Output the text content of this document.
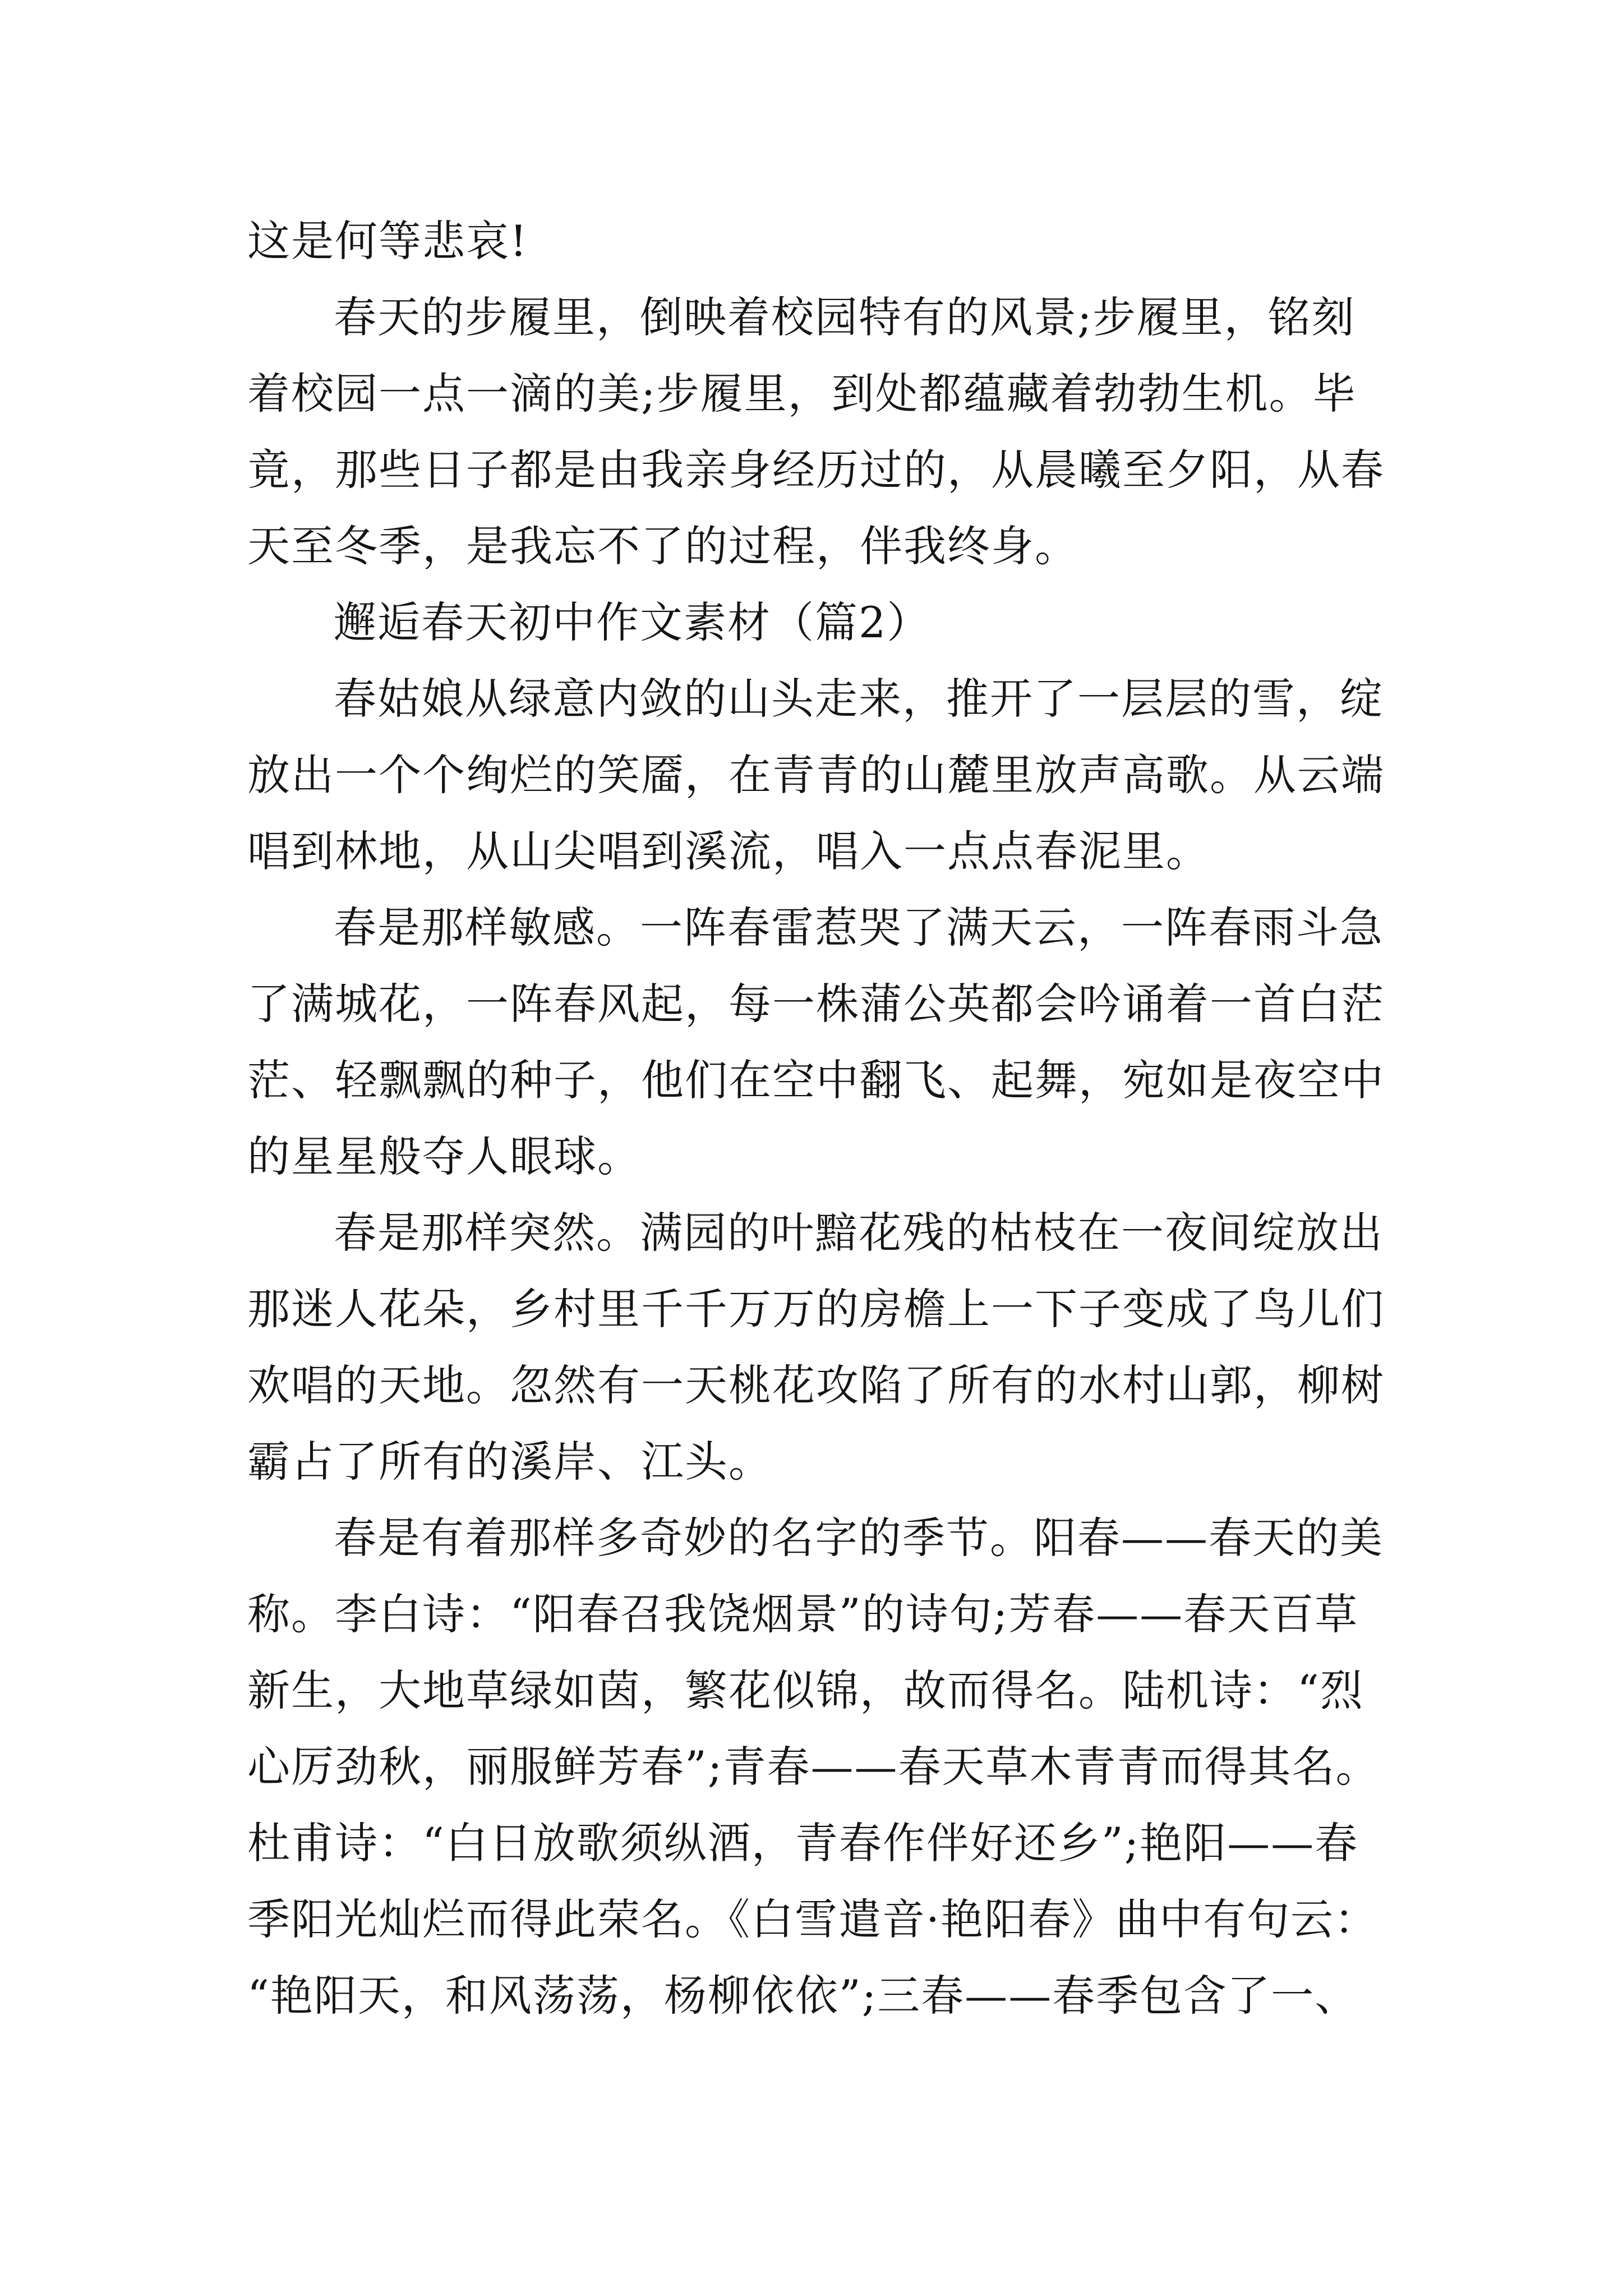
这是何等悲哀!
春天的步履里，倒映着校园特有的风景;步履里，铭刻
着校园一点一滴的美;步履里，到处都蕴藏着勃勃生机。毕
竟，那些日子都是由我亲身经历过的，从晨曦至夕阳，从春
天至冬季，是我忘不了的过程，伴我终身。
邂逅春天初中作文素材（篇2）
春姑娘从绿意内敛的山头走来，推开了一层层的雪，绽
放出一个个绚烂的笑靥，在青青的山麓里放声高歌。从云端
唱到林地，从山尖唱到溪流，唱入一点点春泥里。
春是那样敏感。一阵春雷惹哭了满天云，一阵春雨斗急
了满城花，一阵春风起，每一株蒲公英都会吟诵着一首白茫
茫、轻飘飘的种子，他们在空中翻飞、起舞，宛如是夜空中
的星星般夺人眼球。
春是那样突然。满园的叶黯花残的枯枝在一夜间绽放出
那迷人花朵，乡村里千千万万的房檐上一下子变成了鸟儿们
欢唱的天地。忽然有一天桃花攻陷了所有的水村山郭，柳树
霸占了所有的溪岸、江头。
春是有着那样多奇妙的名字的季节。阳春——春天的美
称。李白诗：“阳春召我饶烟景”的诗句;芳春——春天百草
新生，大地草绿如茵，繁花似锦，故而得名。陆机诗：“烈
心厉劲秋，丽服鲜芳春”;青春——春天草木青青而得其名。
杜甫诗：“白日放歌须纵酒，青春作伴好还乡”;艳阳——春
季阳光灿烂而得此荣名。《白雪遣音·艳阳春》曲中有句云：
“艳阳天，和风荡荡，杨柳依依”;三春——春季包含了一、
